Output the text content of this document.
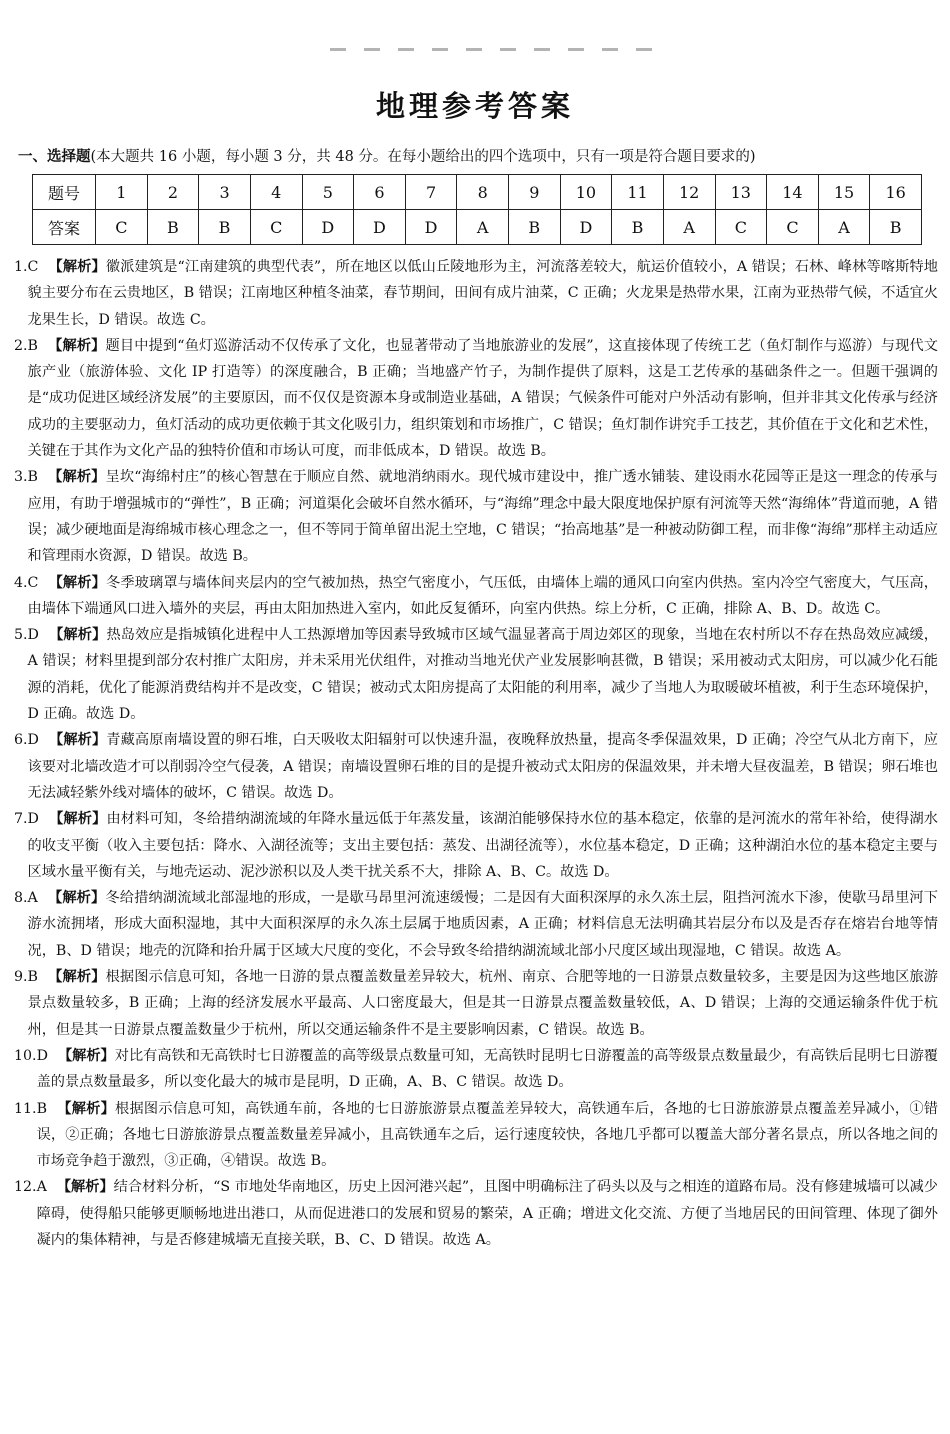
地理参考答案
一、选择题(本大题共 16 小题，每小题 3 分，共 48 分。在每小题给出的四个选项中，只有一项是符合题目要求的)
题号	1	2	3	4	5	6	7	8	9	10	11	12	13	14	15	16
答案	C	B	B	C	D	D	D	A	B	D	B	A	C	C	A	B
1. C 【解析】徽派建筑是“江南建筑的典型代表”，所在地区以低山丘陵地形为主，河流落差较大，航运价值较小，A 错误；石林、峰林等喀斯特地貌主要分布在云贵地区，B 错误；江南地区种植冬油菜，春节期间，田间有成片油菜，C 正确；火龙果是热带水果，江南为亚热带气候，不适宜火龙果生长，D 错误。故选 C。
2. B 【解析】题目中提到“鱼灯巡游活动不仅传承了文化，也显著带动了当地旅游业的发展”，这直接体现了传统工艺（鱼灯制作与巡游）与现代文旅产业（旅游体验、文化 IP 打造等）的深度融合，B 正确；当地盛产竹子，为制作提供了原料，这是工艺传承的基础条件之一。但题干强调的是“成功促进区域经济发展”的主要原因，而不仅仅是资源本身或制造业基础，A 错误；气候条件可能对户外活动有影响，但并非其文化传承与经济成功的主要驱动力，鱼灯活动的成功更依赖于其文化吸引力，组织策划和市场推广，C 错误；鱼灯制作讲究手工技艺，其价值在于文化和艺术性，关键在于其作为文化产品的独特价值和市场认可度，而非低成本，D 错误。故选 B。
3. B 【解析】呈坎“海绵村庄”的核心智慧在于顺应自然、就地消纳雨水。现代城市建设中，推广透水铺装、建设雨水花园等正是这一理念的传承与应用，有助于增强城市的“弹性”，B 正确；河道渠化会破坏自然水循环，与“海绵”理念中最大限度地保护原有河流等天然“海绵体”背道而驰，A 错误；减少硬地面是海绵城市核心理念之一，但不等同于简单留出泥土空地，C 错误；“抬高地基”是一种被动防御工程，而非像“海绵”那样主动适应和管理雨水资源，D 错误。故选 B。
4. C 【解析】冬季玻璃罩与墙体间夹层内的空气被加热，热空气密度小，气压低，由墙体上端的通风口向室内供热。室内冷空气密度大，气压高，由墙体下端通风口进入墙外的夹层，再由太阳加热进入室内，如此反复循环，向室内供热。综上分析，C 正确，排除 A、B、D。故选 C。
5. D 【解析】热岛效应是指城镇化进程中人工热源增加等因素导致城市区域气温显著高于周边郊区的现象，当地在农村所以不存在热岛效应减缓，A 错误；材料里提到部分农村推广太阳房，并未采用光伏组件，对推动当地光伏产业发展影响甚微，B 错误；采用被动式太阳房，可以减少化石能源的消耗，优化了能源消费结构并不是改变，C 错误；被动式太阳房提高了太阳能的利用率，减少了当地人为取暖破坏植被，利于生态环境保护，D 正确。故选 D。
6. D 【解析】青藏高原南墙设置的卵石堆，白天吸收太阳辐射可以快速升温，夜晚释放热量，提高冬季保温效果，D 正确；冷空气从北方南下，应该要对北墙改造才可以削弱冷空气侵袭，A 错误；南墙设置卵石堆的目的是提升被动式太阳房的保温效果，并未增大昼夜温差，B 错误；卵石堆也无法减轻紫外线对墙体的破坏，C 错误。故选 D。
7. D 【解析】由材料可知，冬给措纳湖流域的年降水量远低于年蒸发量，该湖泊能够保持水位的基本稳定，依靠的是河流水的常年补给，使得湖水的收支平衡（收入主要包括：降水、入湖径流等；支出主要包括：蒸发、出湖径流等），水位基本稳定，D 正确；这种湖泊水位的基本稳定主要与区域水量平衡有关，与地壳运动、泥沙淤积以及人类干扰关系不大，排除 A、B、C。故选 D。
8. A 【解析】冬给措纳湖流域北部湿地的形成，一是歇马昂里河流速缓慢；二是因有大面积深厚的永久冻土层，阻挡河流水下渗，使歇马昂里河下游水流拥堵，形成大面积湿地，其中大面积深厚的永久冻土层属于地质因素，A 正确；材料信息无法明确其岩层分布以及是否存在熔岩台地等情况，B、D 错误；地壳的沉降和抬升属于区域大尺度的变化，不会导致冬给措纳湖流域北部小尺度区域出现湿地，C 错误。故选 A。
9. B 【解析】根据图示信息可知，各地一日游的景点覆盖数量差异较大，杭州、南京、合肥等地的一日游景点数量较多，主要是因为这些地区旅游景点数量较多，B 正确；上海的经济发展水平最高、人口密度最大，但是其一日游景点覆盖数量较低，A、D 错误；上海的交通运输条件优于杭州，但是其一日游景点覆盖数量少于杭州，所以交通运输条件不是主要影响因素，C 错误。故选 B。
10. D 【解析】对比有高铁和无高铁时七日游覆盖的高等级景点数量可知，无高铁时昆明七日游覆盖的高等级景点数量最少，有高铁后昆明七日游覆盖的景点数量最多，所以变化最大的城市是昆明，D 正确，A、B、C 错误。故选 D。
11. B 【解析】根据图示信息可知，高铁通车前，各地的七日游旅游景点覆盖差异较大，高铁通车后，各地的七日游旅游景点覆盖差异减小，①错误，②正确；各地七日游旅游景点覆盖数量差异减小，且高铁通车之后，运行速度较快，各地几乎都可以覆盖大部分著名景点，所以各地之间的市场竞争趋于激烈，③正确，④错误。故选 B。
12. A 【解析】结合材料分析，“S 市地处华南地区，历史上因河港兴起”，且图中明确标注了码头以及与之相连的道路布局。没有修建城墙可以减少障碍，使得船只能够更顺畅地进出港口，从而促进港口的发展和贸易的繁荣，A 正确；增进文化交流、方便了当地居民的田间管理、体现了御外凝内的集体精神，与是否修建城墙无直接关联，B、C、D 错误。故选 A。
